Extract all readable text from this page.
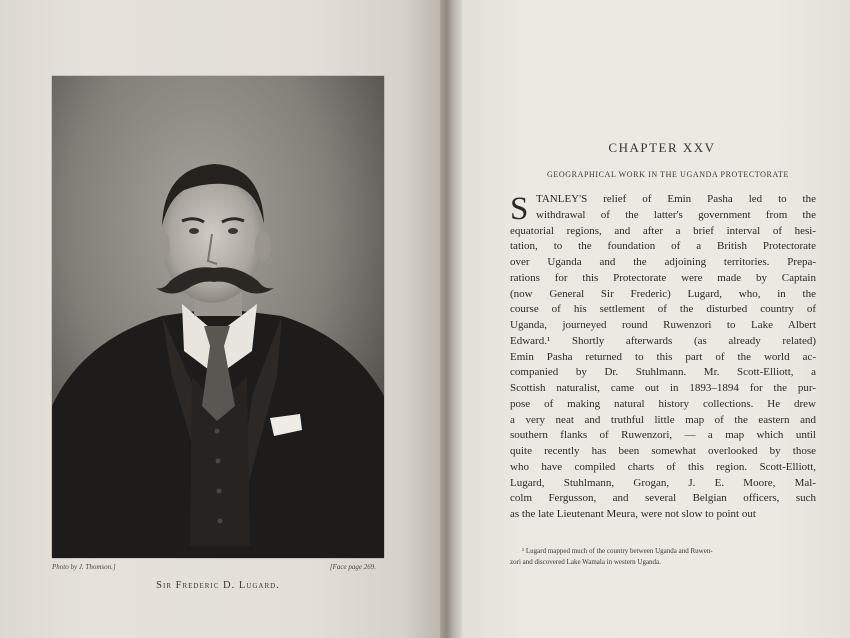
Photo by J. Thomson.]	[Face page 269.
Sir Frederic D. Lugard.
CHAPTER XXV
GEOGRAPHICAL WORK IN THE UGANDA PROTECTORATE
S TANLEY'S relief of Emin Pasha led to the
withdrawal of the latter's government from the
equatorial regions, and after a brief interval of hesi-
tation, to the foundation of a British Protectorate
over Uganda and the adjoining territories. Prepa-
rations for this Protectorate were made by Captain
(now General Sir Frederic) Lugard, who, in the
course of his settlement of the disturbed country of
Uganda, journeyed round Ruwenzori to Lake Albert
Edward.¹ Shortly afterwards (as already related)
Emin Pasha returned to this part of the world ac-
companied by Dr. Stuhlmann. Mr. Scott-Elliott, a
Scottish naturalist, came out in 1893–1894 for the pur-
pose of making natural history collections. He drew
a very neat and truthful little map of the eastern and
southern flanks of Ruwenzori, — a map which until
quite recently has been somewhat overlooked by those
who have compiled charts of this region. Scott-Elliott,
Lugard, Stuhlmann, Grogan, J. E. Moore, Mal-
colm Fergusson, and several Belgian officers, such
as the late Lieutenant Meura, were not slow to point out
¹ Lugard mapped much of the country between Uganda and Ruwen-
zori and discovered Lake Wamala in western Uganda.
